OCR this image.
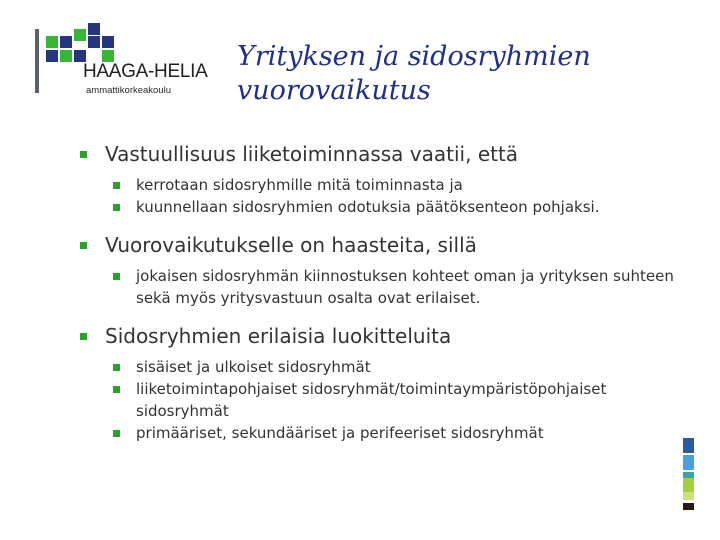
HAAGA-HELIA
ammattikorkeakoulu
Yrityksen ja sidosryhmien
vuorovaikutus
Vastuullisuus liiketoiminnassa vaatii, että
kerrotaan sidosryhmille mitä toiminnasta ja
kuunnellaan sidosryhmien odotuksia päätöksenteon pohjaksi.
Vuorovaikutukselle on haasteita, sillä
jokaisen sidosryhmän kiinnostuksen kohteet oman ja yrityksen suhteen sekä myös yritysvastuun osalta ovat erilaiset.
Sidosryhmien erilaisia luokitteluita
sisäiset ja ulkoiset sidosryhmät
liiketoimintapohjaiset sidosryhmät/toimintaympäristöpohjaiset sidosryhmät
primääriset, sekundääriset ja perifeeriset sidosryhmät
